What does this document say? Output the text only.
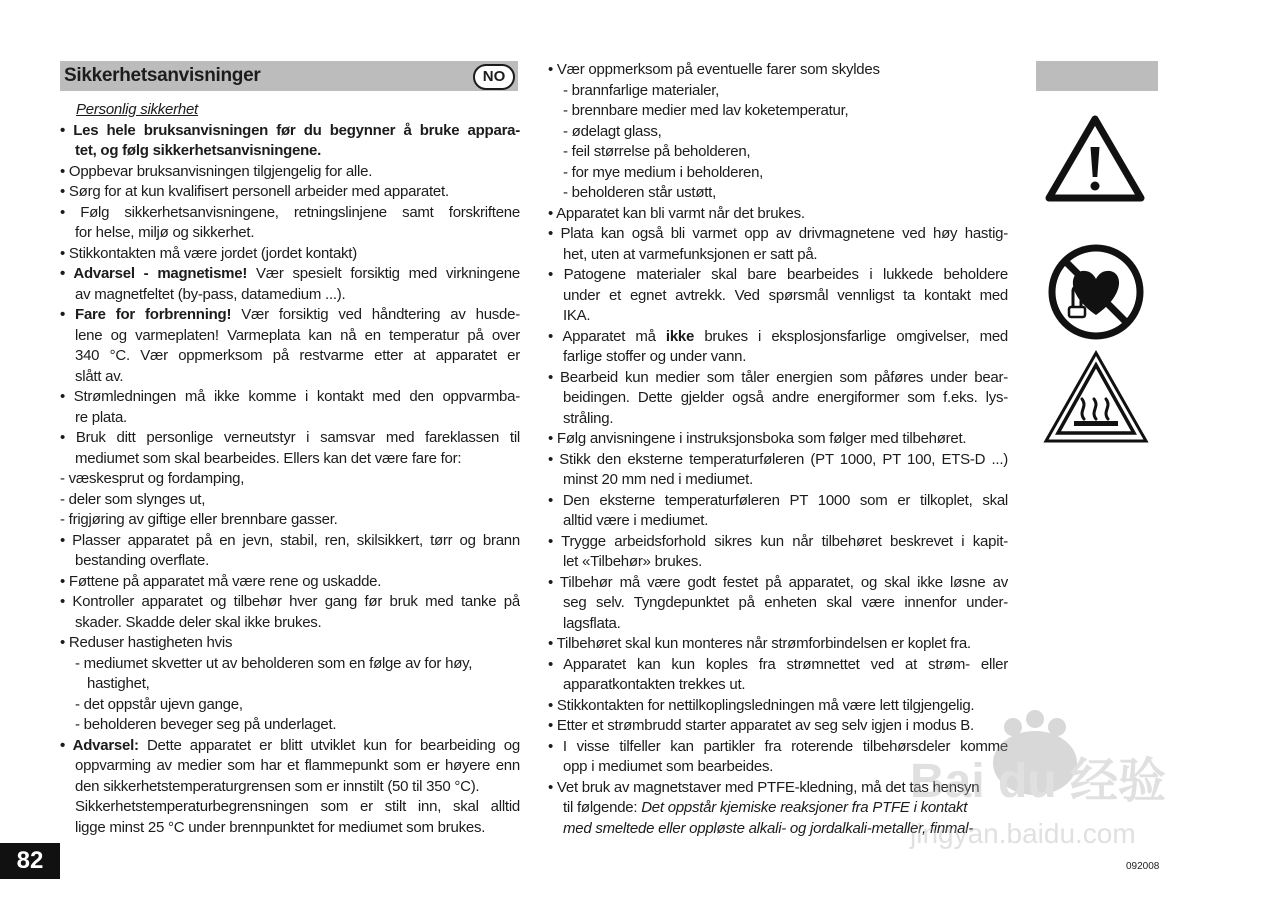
Sikkerhetsanvisninger	NO
Personlig sikkerhet
• Les hele bruksanvisningen før du begynner å bruke appara-
tet, og følg sikkerhetsanvisningene.
• Oppbevar bruksanvisningen tilgjengelig for alle.
• Sørg for at kun kvalifisert personell arbeider med apparatet.
• Følg sikkerhetsanvisningene, retningslinjene samt forskriftene
for helse, miljø og sikkerhet.
• Stikkontakten må være jordet (jordet kontakt)
• Advarsel - magnetisme! Vær spesielt forsiktig med virkningene
av magnetfeltet (by-pass, datamedium ...).
• Fare for forbrenning! Vær forsiktig ved håndtering av husde-
lene og varmeplaten! Varmeplata kan nå en temperatur på over
340 °C. Vær oppmerksom på restvarme etter at apparatet er
slått av.
• Strømledningen må ikke komme i kontakt med den oppvarmba-
re plata.
• Bruk ditt personlige verneutstyr i samsvar med fareklassen til
mediumet som skal bearbeides. Ellers kan det være fare for:
- væskesprut og fordamping,
- deler som slynges ut,
- frigjøring av giftige eller brennbare gasser.
• Plasser apparatet på en jevn, stabil, ren, skilsikkert, tørr og brann
bestanding overflate.
• Føttene på apparatet må være rene og uskadde.
• Kontroller apparatet og tilbehør hver gang før bruk med tanke på
skader. Skadde deler skal ikke brukes.
• Reduser hastigheten hvis
- mediumet skvetter ut av beholderen som en følge av for høy,
hastighet,
- det oppstår ujevn gange,
- beholderen beveger seg på underlaget.
• Advarsel: Dette apparatet er blitt utviklet kun for bearbeiding og
oppvarming av medier som har et flammepunkt som er høyere enn
den sikkerhetstemperaturgrensen som er innstilt (50 til 350 °C).
Sikkerhetstemperaturbegrensningen som er stilt inn, skal alltid
ligge minst 25 °C under brennpunktet for mediumet som brukes.
• Vær oppmerksom på eventuelle farer som skyldes
- brannfarlige materialer,
- brennbare medier med lav koketemperatur,
- ødelagt glass,
- feil størrelse på beholderen,
- for mye medium i beholderen,
- beholderen står ustøtt,
• Apparatet kan bli varmt når det brukes.
• Plata kan også bli varmet opp av drivmagnetene ved høy hastig-
het, uten at varmefunksjonen er satt på.
• Patogene materialer skal bare bearbeides i lukkede beholdere
under et egnet avtrekk. Ved spørsmål vennligst ta kontakt med
IKA.
• Apparatet må ikke brukes i eksplosjonsfarlige omgivelser, med
farlige stoffer og under vann.
• Bearbeid kun medier som tåler energien som påføres under bear-
beidingen. Dette gjelder også andre energiformer som f.eks. lys-
stråling.
• Følg anvisningene i instruksjonsboka som følger med tilbehøret.
• Stikk den eksterne temperaturføleren (PT 1000, PT 100, ETS-D ...)
minst 20 mm ned i mediumet.
• Den eksterne temperaturføleren PT 1000 som er tilkoplet, skal
alltid være i mediumet.
• Trygge arbeidsforhold sikres kun når tilbehøret beskrevet i kapit-
let «Tilbehør» brukes.
• Tilbehør må være godt festet på apparatet, og skal ikke løsne av
seg selv. Tyngdepunktet på enheten skal være innenfor under-
lagsflata.
• Tilbehøret skal kun monteres når strømforbindelsen er koplet fra.
• Apparatet kan kun koples fra strømnettet ved at strøm- eller
apparatkontakten trekkes ut.
• Stikkontakten for nettilkoplingsledningen må være lett tilgjengelig.
• Etter et strømbrudd starter apparatet av seg selv igjen i modus B.
• I visse tilfeller kan partikler fra roterende tilbehørsdeler komme
opp i mediumet som bearbeides.
• Vet bruk av magnetstaver med PTFE-kledning, må det tas hensyn
til følgende: Det oppstår kjemiske reaksjoner fra PTFE i kontakt
med smeltede eller oppløste alkali- og jordalkali-metaller, finmal-
Bai du 经验
jingyan.baidu.com
82	092008
